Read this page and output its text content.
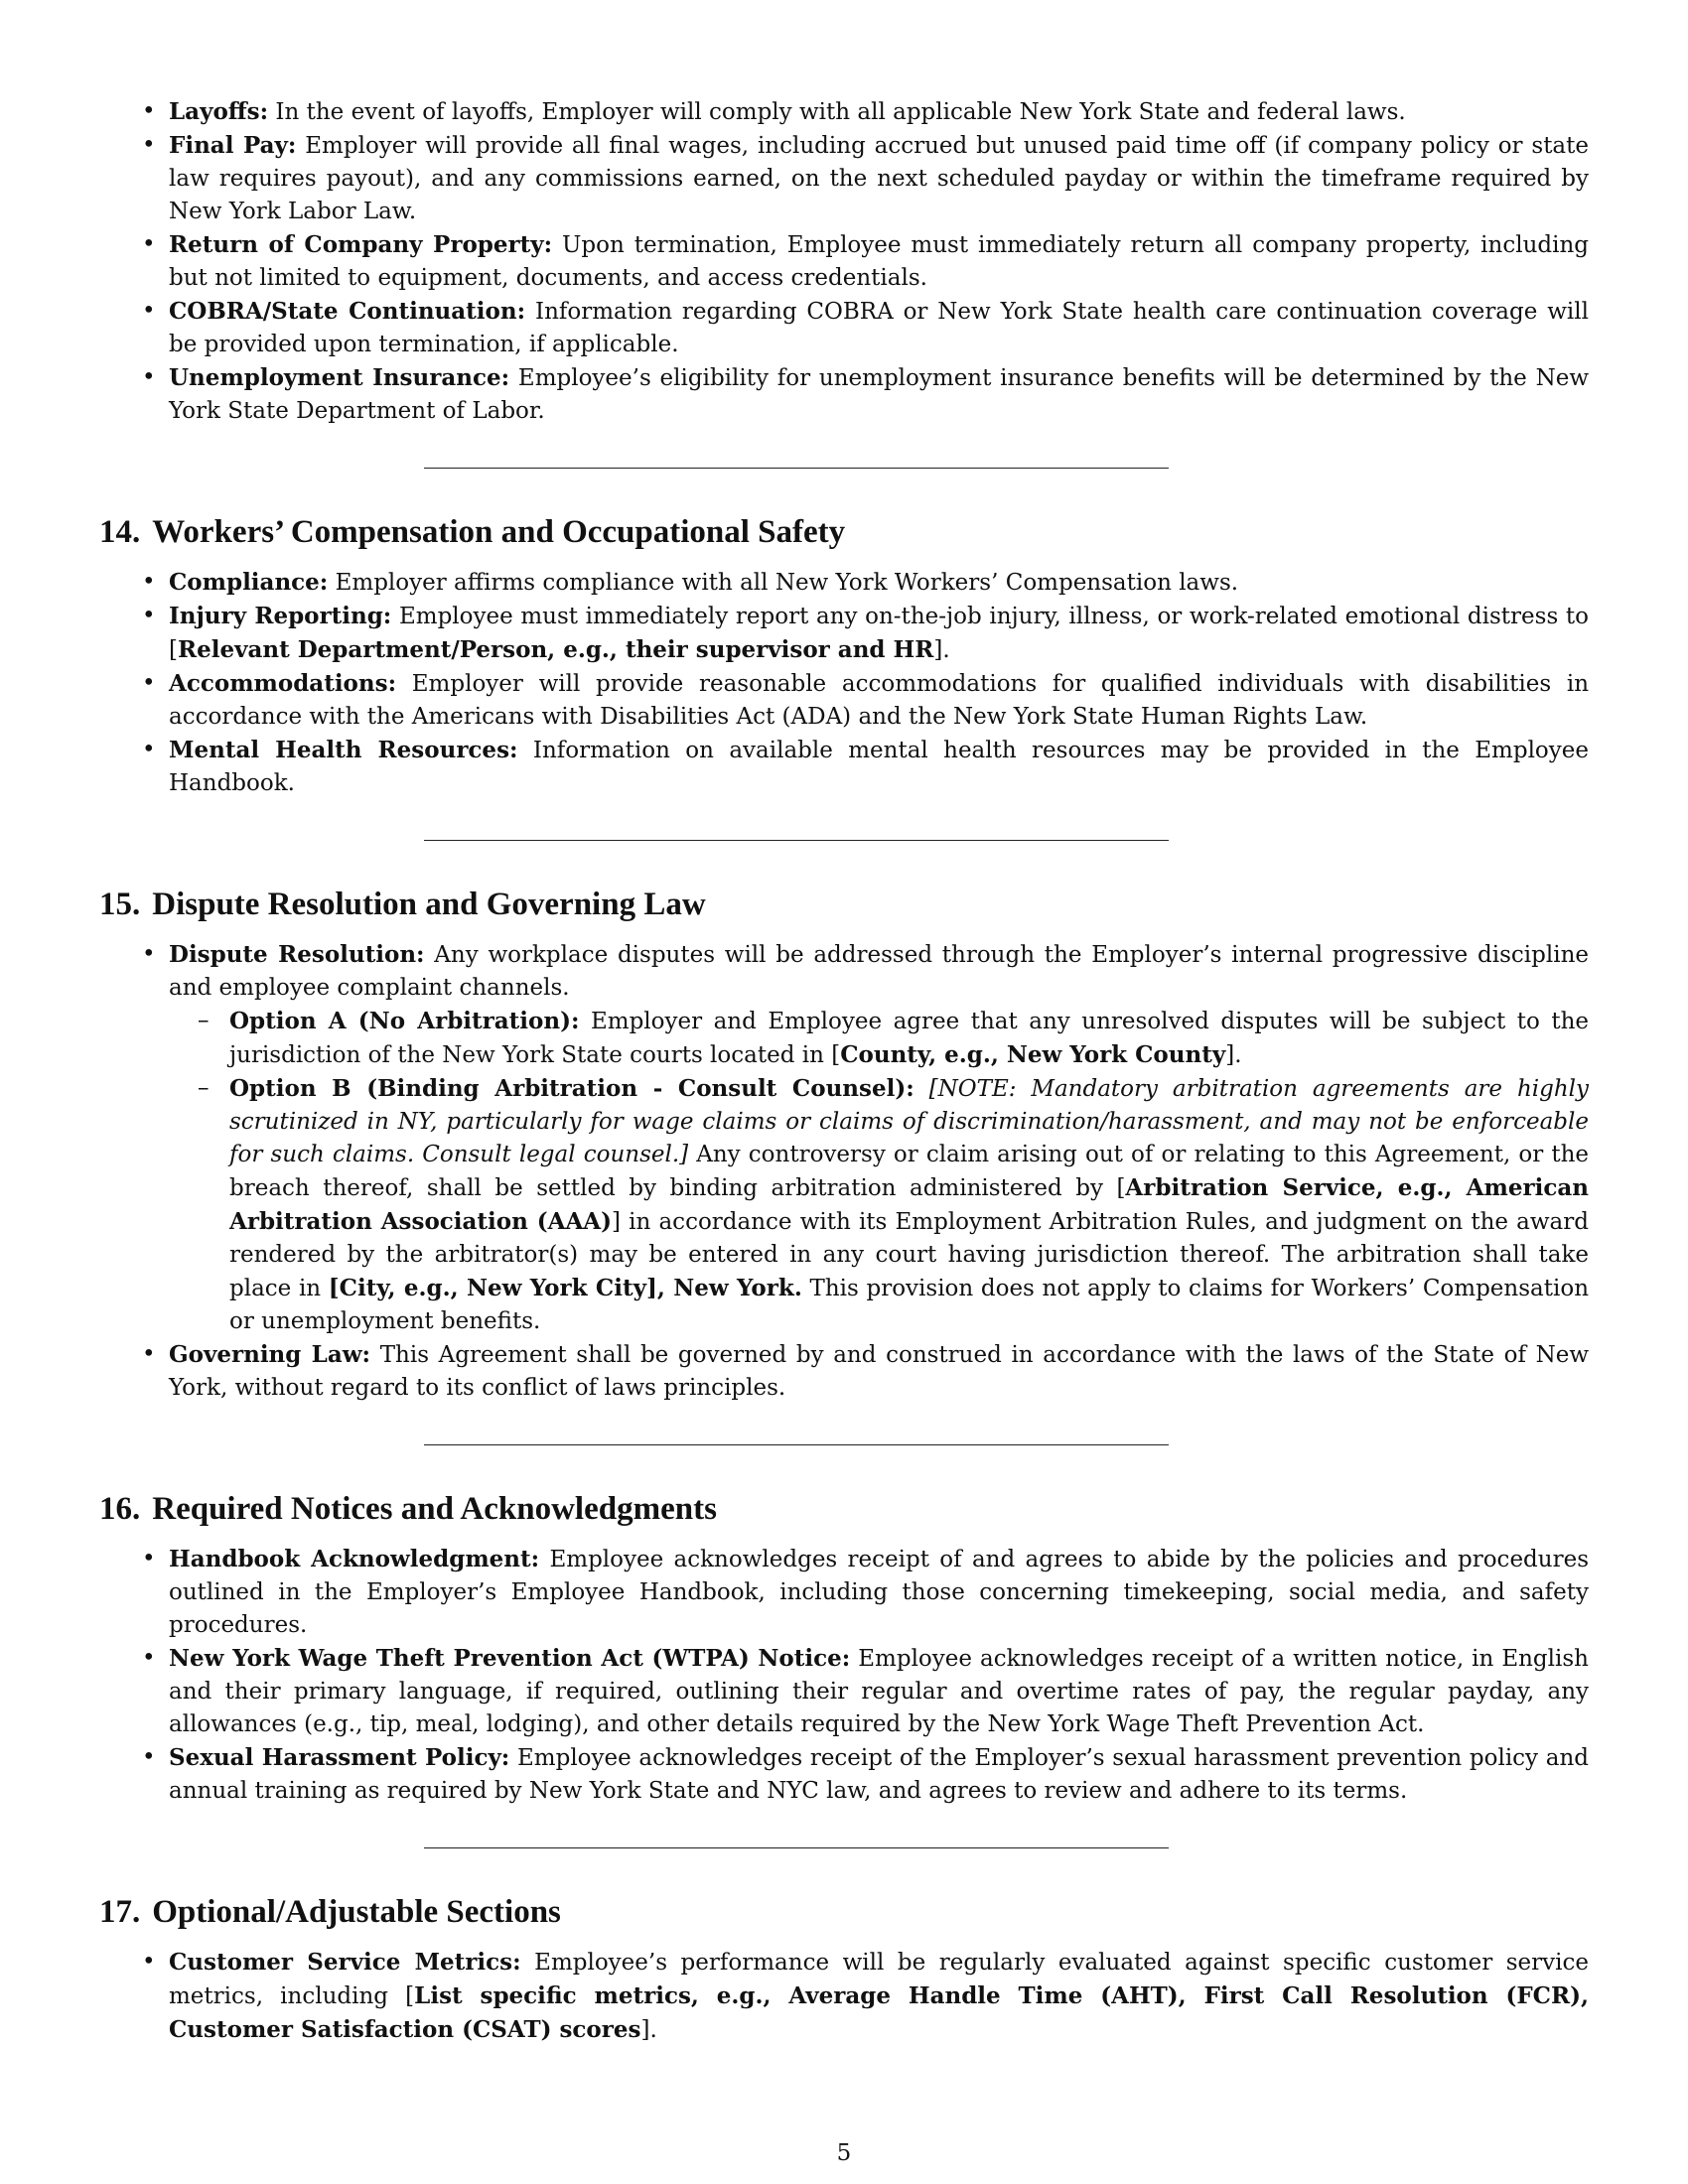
• Layoffs: In the event of layoffs, Employer will comply with all applicable New York State and federal laws.
• Final Pay: Employer will provide all final wages, including accrued but unused paid time off (if company policy or state law requires payout), and any commissions earned, on the next scheduled payday or within the timeframe required by New York Labor Law.
• Return of Company Property: Upon termination, Employee must immediately return all company property, including but not limited to equipment, documents, and access credentials.
• COBRA/State Continuation: Information regarding COBRA or New York State health care continuation coverage will be provided upon termination, if applicable.
• Unemployment Insurance: Employee’s eligibility for unemployment insurance benefits will be determined by the New York State Department of Labor.
14. Workers’ Compensation and Occupational Safety
• Compliance: Employer affirms compliance with all New York Workers’ Compensation laws.
• Injury Reporting: Employee must immediately report any on-the-job injury, illness, or work-related emotional distress to [Relevant Department/Person, e.g., their supervisor and HR].
• Accommodations: Employer will provide reasonable accommodations for qualified individuals with disabilities in accordance with the Americans with Disabilities Act (ADA) and the New York State Human Rights Law.
• Mental Health Resources: Information on available mental health resources may be provided in the Employee Handbook.
15. Dispute Resolution and Governing Law
• Dispute Resolution: Any workplace disputes will be addressed through the Employer’s internal progressive discipline and employee complaint channels.
– Option A (No Arbitration): Employer and Employee agree that any unresolved disputes will be subject to the jurisdiction of the New York State courts located in [County, e.g., New York County].
– Option B (Binding Arbitration - Consult Counsel): [NOTE: Mandatory arbitration agreements are highly scrutinized in NY, particularly for wage claims or claims of discrimination/harassment, and may not be enforceable for such claims. Consult legal counsel.] Any controversy or claim arising out of or relating to this Agreement, or the breach thereof, shall be settled by binding arbitration administered by [Arbitration Service, e.g., American Arbitration Association (AAA)] in accordance with its Employment Arbitration Rules, and judgment on the award rendered by the arbitrator(s) may be entered in any court having jurisdiction thereof. The arbitration shall take place in [City, e.g., New York City], New York. This provision does not apply to claims for Workers’ Compensation or unemployment benefits.
• Governing Law: This Agreement shall be governed by and construed in accordance with the laws of the State of New York, without regard to its conflict of laws principles.
16. Required Notices and Acknowledgments
• Handbook Acknowledgment: Employee acknowledges receipt of and agrees to abide by the policies and procedures outlined in the Employer’s Employee Handbook, including those concerning timekeeping, social media, and safety procedures.
• New York Wage Theft Prevention Act (WTPA) Notice: Employee acknowledges receipt of a written notice, in English and their primary language, if required, outlining their regular and overtime rates of pay, the regular payday, any allowances (e.g., tip, meal, lodging), and other details required by the New York Wage Theft Prevention Act.
• Sexual Harassment Policy: Employee acknowledges receipt of the Employer’s sexual harassment prevention policy and annual training as required by New York State and NYC law, and agrees to review and adhere to its terms.
17. Optional/Adjustable Sections
• Customer Service Metrics: Employee’s performance will be regularly evaluated against specific customer service metrics, including [List specific metrics, e.g., Average Handle Time (AHT), First Call Resolution (FCR), Customer Satisfaction (CSAT) scores].
5
